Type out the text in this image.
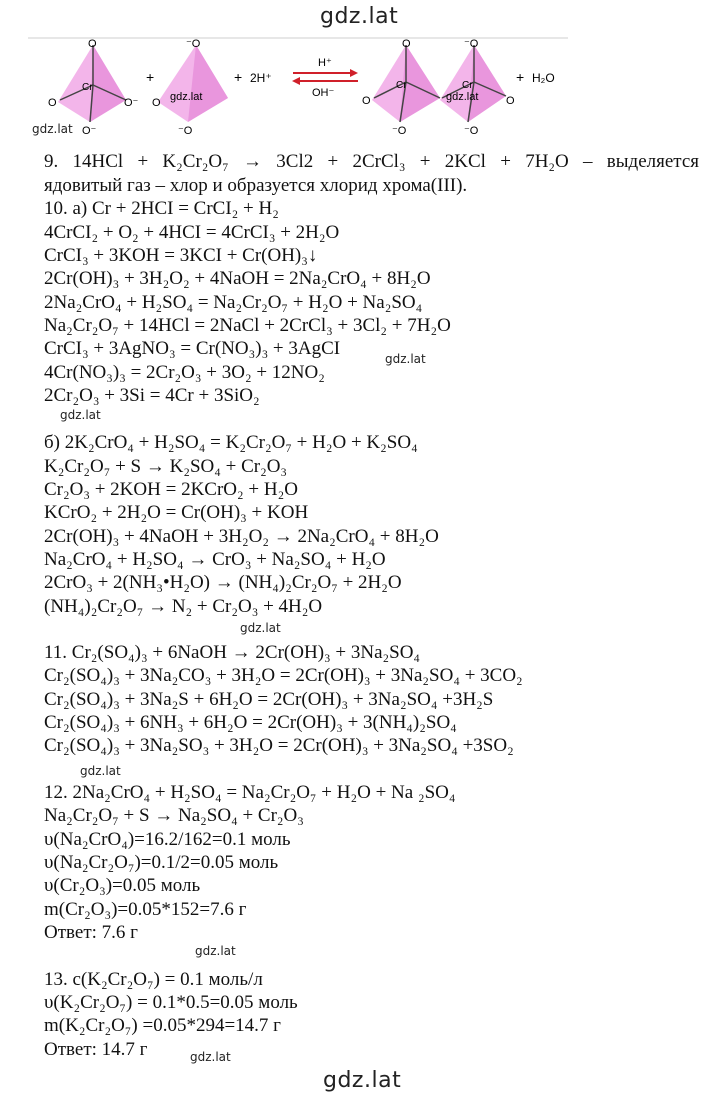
gdz.lat
gdz.lat
gdz.lat
gdz.lat
gdz.lat
gdz.lat
gdz.lat
gdz.lat
gdz.lat
O
O
Cr
O⁻
O⁻
+
⁻O
O
⁻O
+ 2H⁺
H⁺
OH⁻
O
O
Cr
⁻O
⁻O
O
Cr
⁻O
+ H₂O
gdz.lat	gdz.lat
9. 14HCl + K₂Cr₂O₇ → 3Cl2 + 2CrCl₃ + 2KCl + 7H₂O – выделяется
ядовитый газ – хлор и образуется хлорид хрома(III).
10. а) Cr + 2HCI = CrCI₂ + H₂
4CrCI₂ + O₂ + 4HCI = 4CrCI₃ + 2H₂O
CrCI₃ + 3KOH = 3KCI + Cr(OH)₃↓
2Cr(OH)₃ + 3H₂O₂ + 4NaOH = 2Na₂CrO₄ + 8H₂O
2Na₂CrO₄ + H₂SO₄ = Na₂Cr₂O₇ + H₂O + Na₂SO₄
Na₂Cr₂O₇ + 14HCl = 2NaCl + 2CrCl₃ + 3Cl₂ + 7H₂O
CrCI₃ + 3AgNO₃ = Cr(NO₃)₃ + 3AgCI
4Cr(NO₃)₃ = 2Cr₂O₃ + 3O₂ + 12NO₂
2Cr₂O₃ + 3Si = 4Cr + 3SiO₂
б) 2K₂CrO₄ + H₂SO₄ = K₂Cr₂O₇ + H₂O + K₂SO₄
K₂Cr₂O₇ + S → K₂SO₄ + Cr₂O₃
Cr₂O₃ + 2KOH = 2KCrO₂ + H₂O
KCrO₂ + 2H₂O = Cr(OH)₃ + KOH
2Cr(OH)₃ + 4NaOH + 3H₂O₂ → 2Na₂CrO₄ + 8H₂O
Na₂CrO₄ + H₂SO₄ → CrO₃ + Na₂SO₄ + H₂O
2CrO₃ + 2(NH₃•H₂O) → (NH₄)₂Cr₂O₇ + 2H₂O
(NH₄)₂Cr₂O₇ → N₂ + Cr₂O₃ + 4H₂O
11. Cr₂(SO₄)₃ + 6NaOH → 2Cr(OH)₃ + 3Na₂SO₄
Cr₂(SO₄)₃ + 3Na₂CO₃ + 3H₂O = 2Cr(OH)₃ + 3Na₂SO₄ + 3CO₂
Cr₂(SO₄)₃ + 3Na₂S + 6H₂O = 2Cr(OH)₃ + 3Na₂SO₄ +3H₂S
Cr₂(SO₄)₃ + 6NH₃ + 6H₂O = 2Cr(OH)₃ + 3(NH₄)₂SO₄
Cr₂(SO₄)₃ + 3Na₂SO₃ + 3H₂O = 2Cr(OH)₃ + 3Na₂SO₄ +3SO₂
12. 2Na₂CrO₄ + H₂SO₄ = Na₂Cr₂O₇ + H₂O + Na ₂SO₄
Na₂Cr₂O₇ + S → Na₂SO₄ + Cr₂O₃
υ(Na₂CrO₄)=16.2/162=0.1 моль
υ(Na₂Cr₂O₇)=0.1/2=0.05 моль
υ(Cr₂O₃)=0.05 моль
m(Cr₂O₃)=0.05*152=7.6 г
Ответ: 7.6 г
13. c(K₂Cr₂O₇) = 0.1 моль/л
υ(K₂Cr₂O₇) = 0.1*0.5=0.05 моль
m(K₂Cr₂O₇) =0.05*294=14.7 г
Ответ: 14.7 г
